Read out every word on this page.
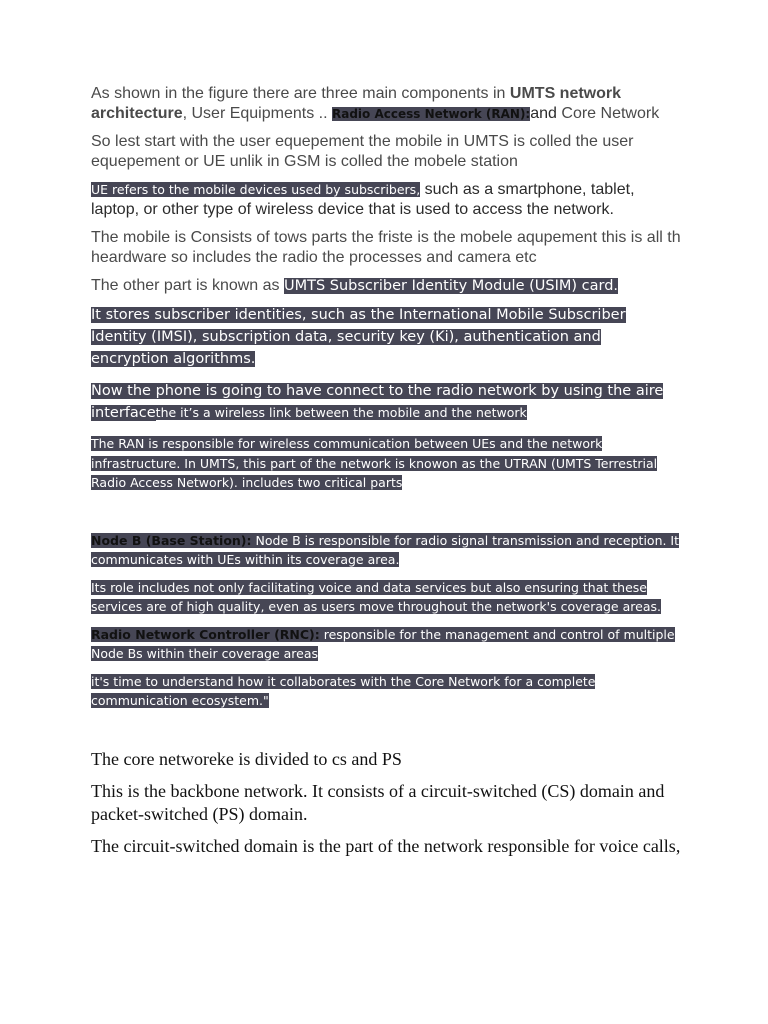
As shown in the figure there are three main components in UMTS network architecture, User Equipments .. Radio Access Network (RAN):and Core Network

So lest start with the user equepement the mobile in UMTS is colled the user equepement or UE unlik in GSM is colled the mobele station

UE refers to the mobile devices used by subscribers, such as a smartphone, tablet, laptop, or other type of wireless device that is used to access the network.

The mobile is Consists of tows parts the friste is the mobele aqupement this is all th heardware so includes the radio the processes and camera etc

The other part is known as UMTS Subscriber Identity Module (USIM) card.

It stores subscriber identities, such as the International Mobile Subscriber Identity (IMSI), subscription data, security key (Ki), authentication and encryption algorithms.

Now the phone is going to have connect to the radio network by using the aire interfacethe it’s a wireless link between the mobile and the network

The RAN is responsible for wireless communication between UEs and the network infrastructure. In UMTS, this part of the network is knowon as the UTRAN (UMTS Terrestrial Radio Access Network). includes two critical parts

Node B (Base Station): Node B is responsible for radio signal transmission and reception. It communicates with UEs within its coverage area.

Its role includes not only facilitating voice and data services but also ensuring that these services are of high quality, even as users move throughout the network's coverage areas.

Radio Network Controller (RNC): responsible for the management and control of multiple Node Bs within their coverage areas

it's time to understand how it collaborates with the Core Network for a complete communication ecosystem."

The core networeke is divided to cs and PS

This is the backbone network. It consists of a circuit-switched (CS) domain and packet-switched (PS) domain.

The circuit-switched domain is the part of the network responsible for voice calls,
